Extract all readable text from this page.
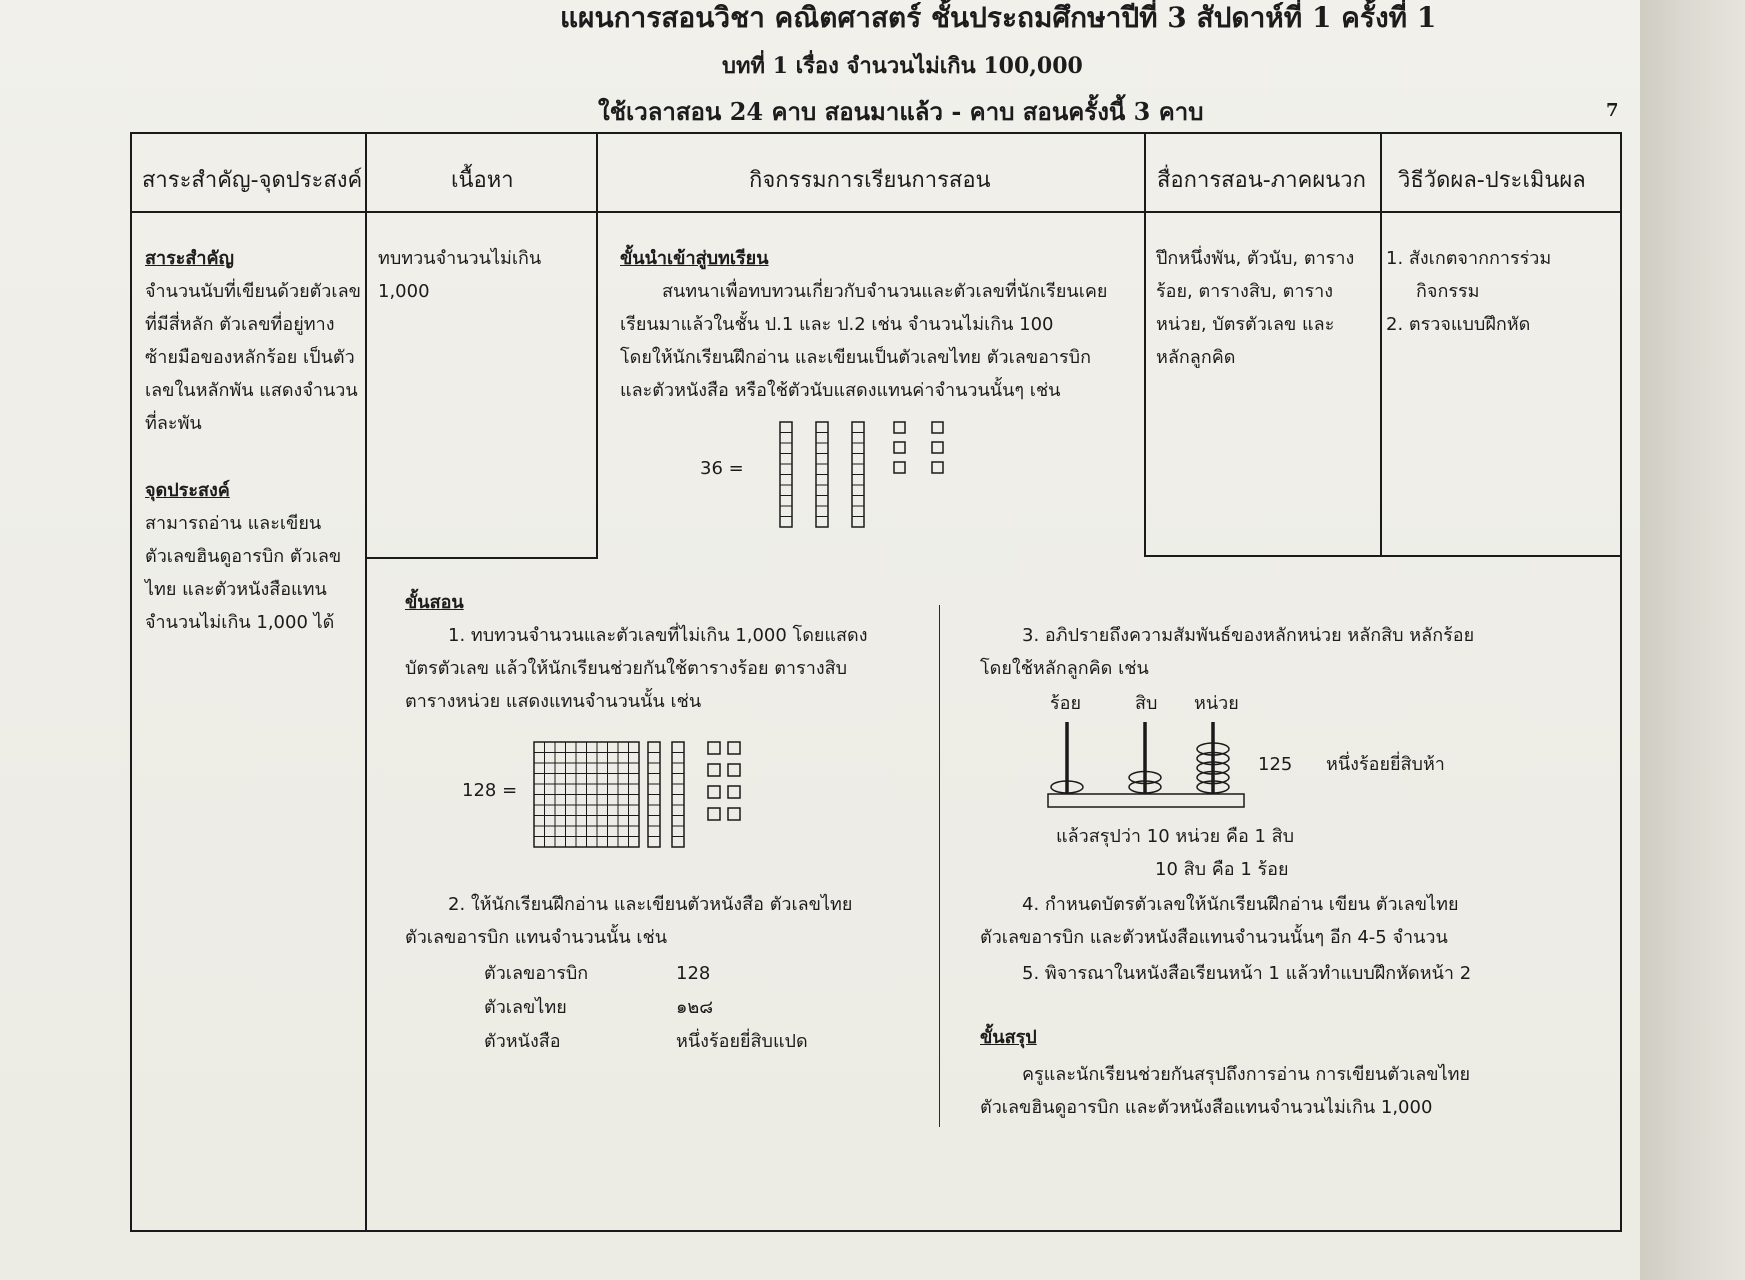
แผนการสอนวิชา คณิตศาสตร์ ชั้นประถมศึกษาปีที่ 3 สัปดาห์ที่ 1 ครั้งที่ 1
บทที่ 1 เรื่อง จำนวนไม่เกิน 100,000
ใช้เวลาสอน 24 คาบ สอนมาแล้ว - คาบ สอนครั้งนี้ 3 คาบ	7
สาระสำคัญ-จุดประสงค์	เนื้อหา	กิจกรรมการเรียนการสอน	สื่อการสอน-ภาคผนวก วิธีวัดผล-ประเมินผล
สาระสำคัญ
จำนวนนับที่เขียนด้วยตัวเลข
ที่มีสี่หลัก ตัวเลขที่อยู่ทาง
ซ้ายมือของหลักร้อย เป็นตัว
เลขในหลักพัน แสดงจำนวน
ที่ละพัน
จุดประสงค์
สามารถอ่าน และเขียน
ตัวเลขฮินดูอารบิก ตัวเลข
ไทย และตัวหนังสือแทน
จำนวนไม่เกิน 1,000 ได้
ทบทวนจำนวนไม่เกิน
1,000
ขั้นนำเข้าสู่บทเรียน
สนทนาเพื่อทบทวนเกี่ยวกับจำนวนและตัวเลขที่นักเรียนเคย
เรียนมาแล้วในชั้น ป.1 และ ป.2 เช่น จำนวนไม่เกิน 100
โดยให้นักเรียนฝึกอ่าน และเขียนเป็นตัวเลขไทย ตัวเลขอารบิก
และตัวหนังสือ หรือใช้ตัวนับแสดงแทนค่าจำนวนนั้นๆ เช่น
36 =
ปึกหนึ่งพัน, ตัวนับ, ตาราง
ร้อย, ตารางสิบ, ตาราง
หน่วย, บัตรตัวเลข และ
หลักลูกคิด
1. สังเกตจากการร่วม
กิจกรรม
2. ตรวจแบบฝึกหัด
ขั้นสอน
1. ทบทวนจำนวนและตัวเลขที่ไม่เกิน 1,000 โดยแสดง
บัตรตัวเลข แล้วให้นักเรียนช่วยกันใช้ตารางร้อย ตารางสิบ
ตารางหน่วย แสดงแทนจำนวนนั้น เช่น
128 =
2. ให้นักเรียนฝึกอ่าน และเขียนตัวหนังสือ ตัวเลขไทย
ตัวเลขอารบิก แทนจำนวนนั้น เช่น
ตัวเลขอารบิก	128
ตัวเลขไทย	๑๒๘
ตัวหนังสือ	หนึ่งร้อยยี่สิบแปด
3. อภิปรายถึงความสัมพันธ์ของหลักหน่วย หลักสิบ หลักร้อย
โดยใช้หลักลูกคิด เช่น
ร้อย	สิบ หน่วย
125 หนึ่งร้อยยี่สิบห้า
แล้วสรุปว่า 10 หน่วย คือ 1 สิบ
10 สิบ คือ 1 ร้อย
4. กำหนดบัตรตัวเลขให้นักเรียนฝึกอ่าน เขียน ตัวเลขไทย
ตัวเลขอารบิก และตัวหนังสือแทนจำนวนนั้นๆ อีก 4-5 จำนวน
5. พิจารณาในหนังสือเรียนหน้า 1 แล้วทำแบบฝึกหัดหน้า 2
ขั้นสรุป
ครูและนักเรียนช่วยกันสรุปถึงการอ่าน การเขียนตัวเลขไทย
ตัวเลขฮินดูอารบิก และตัวหนังสือแทนจำนวนไม่เกิน 1,000
